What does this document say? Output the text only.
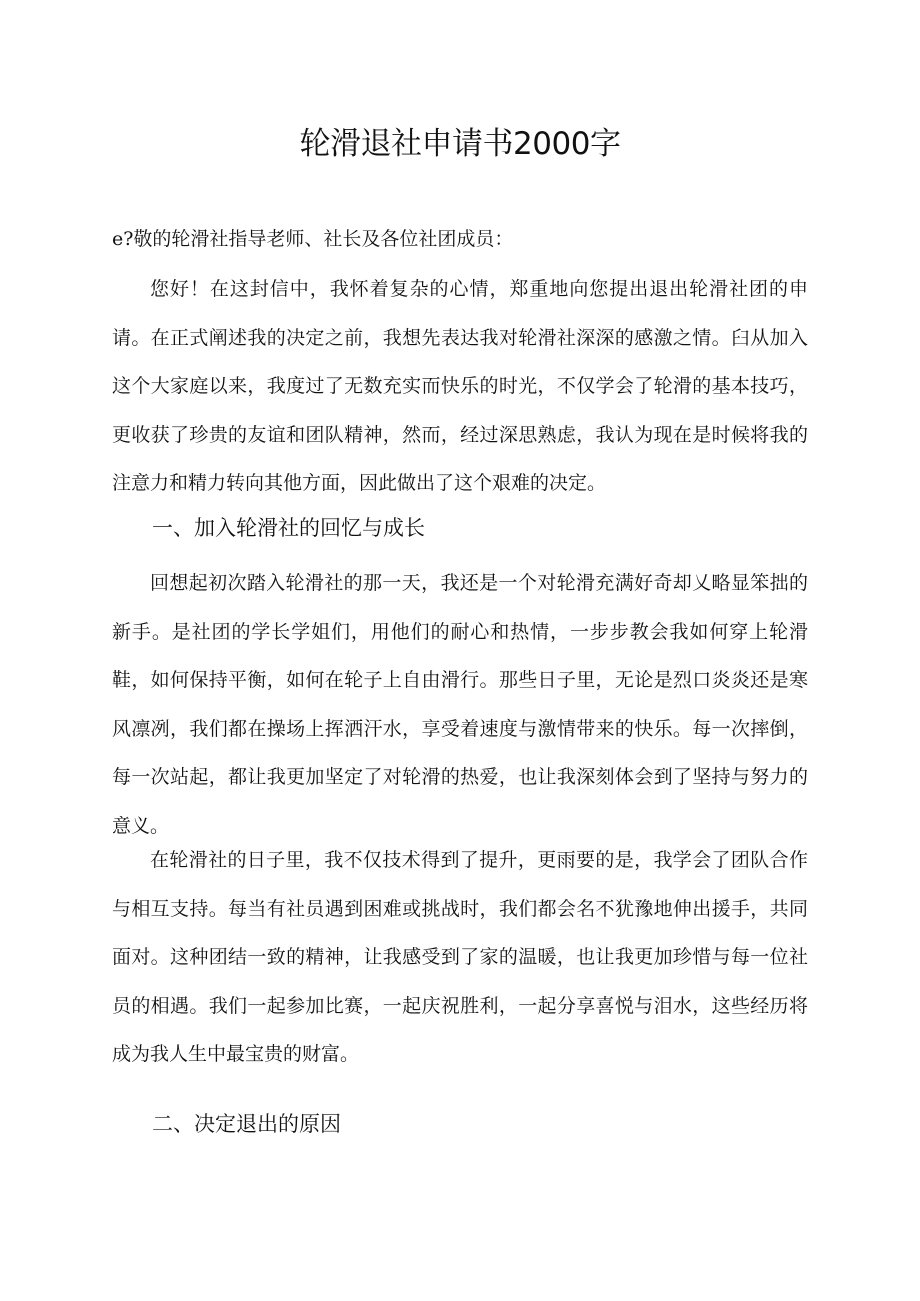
轮滑退社申请书2000字

e?敬的轮滑社指导老师、社长及各位社团成员：

您好！在这封信中，我怀着复杂的心情，郑重地向您提出退出轮滑社团的申请。在正式阐述我的决定之前，我想先表达我对轮滑社深深的感激之情。臼从加入这个大家庭以来，我度过了无数充实而快乐的时光，不仅学会了轮滑的基本技巧，更收获了珍贵的友谊和团队精神，然而，经过深思熟虑，我认为现在是时候将我的注意力和精力转向其他方面，因此做出了这个艰难的决定。

一、加入轮滑社的回忆与成长

回想起初次踏入轮滑社的那一天，我还是一个对轮滑充满好奇却乂略显笨拙的新手。是社团的学长学姐们，用他们的耐心和热情，一步步教会我如何穿上轮滑鞋，如何保持平衡，如何在轮子上自由滑行。那些日子里，无论是烈口炎炎还是寒风凛冽，我们都在操场上挥洒汗水，享受着速度与激情带来的快乐。每一次摔倒，每一次站起，都让我更加坚定了对轮滑的热爱，也让我深刻体会到了坚持与努力的意义。

在轮滑社的日子里，我不仅技术得到了提升，更雨要的是，我学会了团队合作与相互支持。每当有社员遇到困难或挑战时，我们都会名不犹豫地伸出援手，共同面对。这种团结一致的精神，让我感受到了家的温暖，也让我更加珍惜与每一位社员的相遇。我们一起参加比赛，一起庆祝胜利，一起分享喜悦与泪水，这些经历将成为我人生中最宝贵的财富。

二、决定退出的原因
